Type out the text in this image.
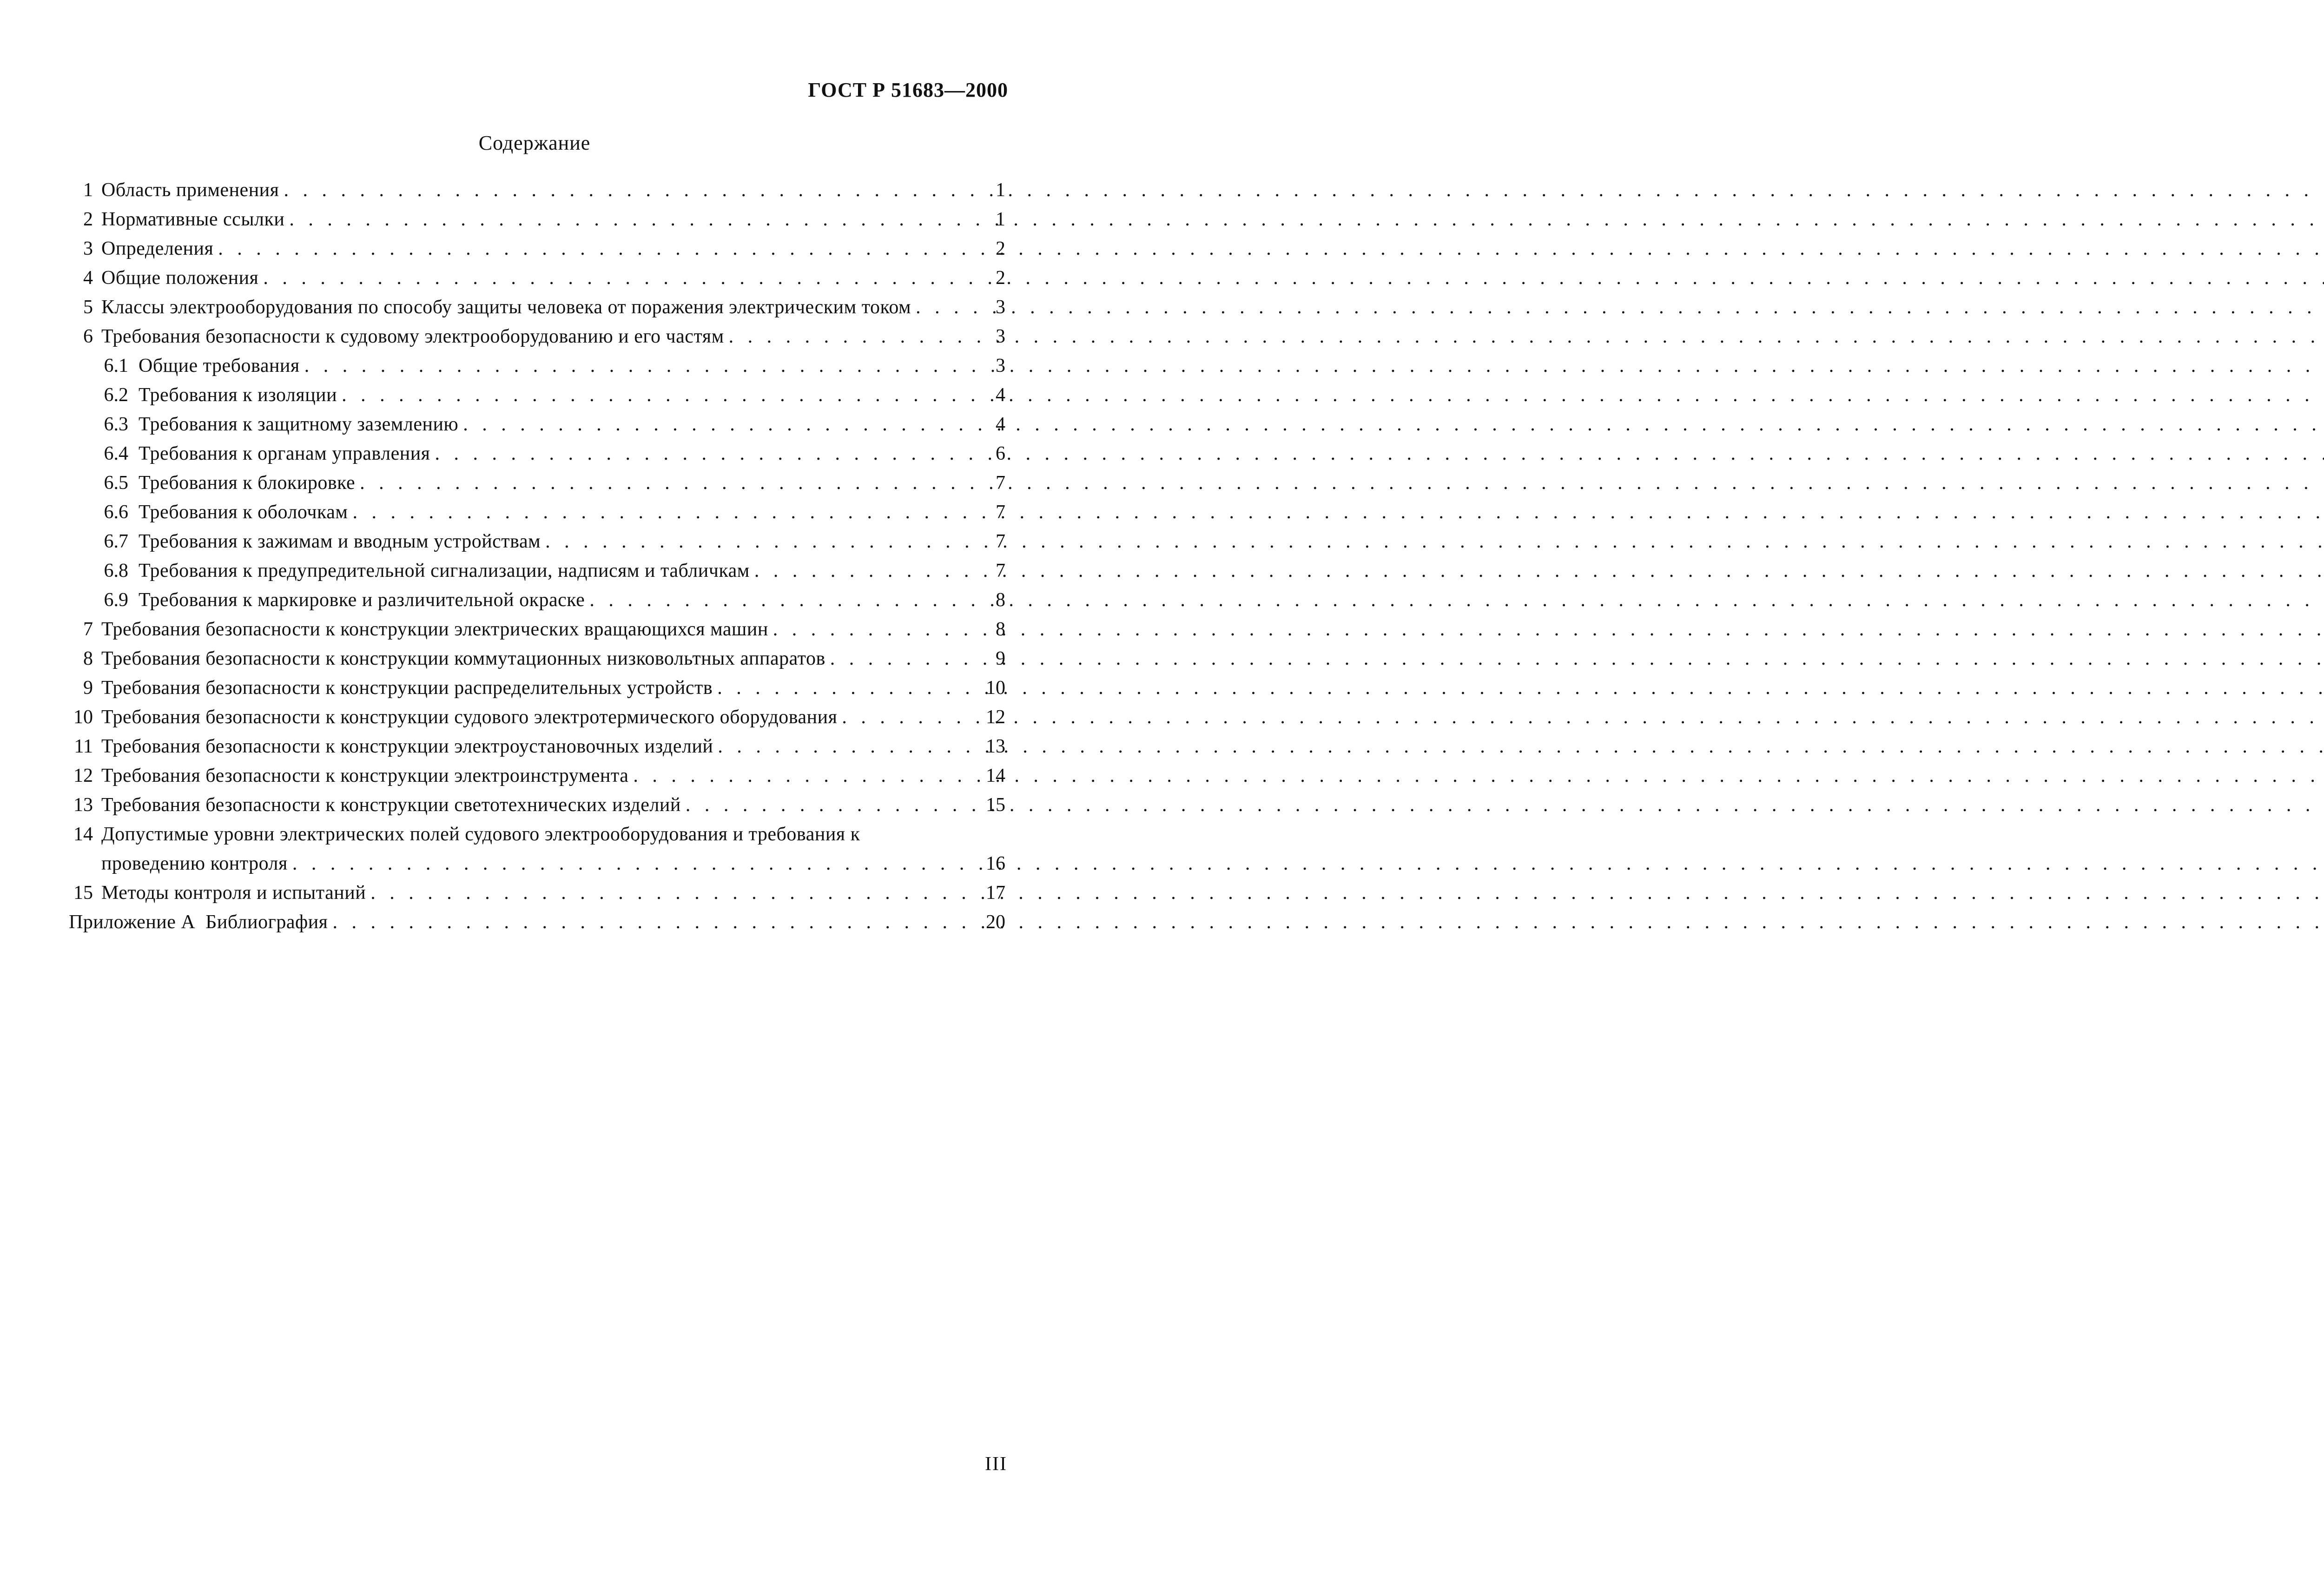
ГОСТ Р 51683—2000
Содержание
1 Область применения . . .	1
2 Нормативные ссылки . . .	1
3 Определения . . .	2
4 Общие положения . . .	2
5 Классы электрооборудования по способу защиты человека от поражения электрическим током . . .	3
6 Требования безопасности к судовому электрооборудованию и его частям . . .	3
6.1 Общие требования . . .	3
6.2 Требования к изоляции . . .	4
6.3 Требования к защитному заземлению . . .	4
6.4 Требования к органам управления . . .	6
6.5 Требования к блокировке . . .	7
6.6 Требования к оболочкам . . .	7
6.7 Требования к зажимам и вводным устройствам . . .	7
6.8 Требования к предупредительной сигнализации, надписям и табличкам . . .	7
6.9 Требования к маркировке и различительной окраске . . .	8
7 Требования безопасности к конструкции электрических вращающихся машин . . .	8
8 Требования безопасности к конструкции коммутационных низковольтных аппаратов . . .	9
9 Требования безопасности к конструкции распределительных устройств . . .	10
10 Требования безопасности к конструкции судового электротермического оборудования . . .	12
11 Требования безопасности к конструкции электроустановочных изделий . . .	13
12 Требования безопасности к конструкции электроинструмента . . .	14
13 Требования безопасности к конструкции светотехнических изделий . . .	15
14 Допустимые уровни электрических полей судового электрооборудования и требования к
проведению контроля . . .	16
15 Методы контроля и испытаний . . .	17
Приложение А  Библиография . . .	20
III
